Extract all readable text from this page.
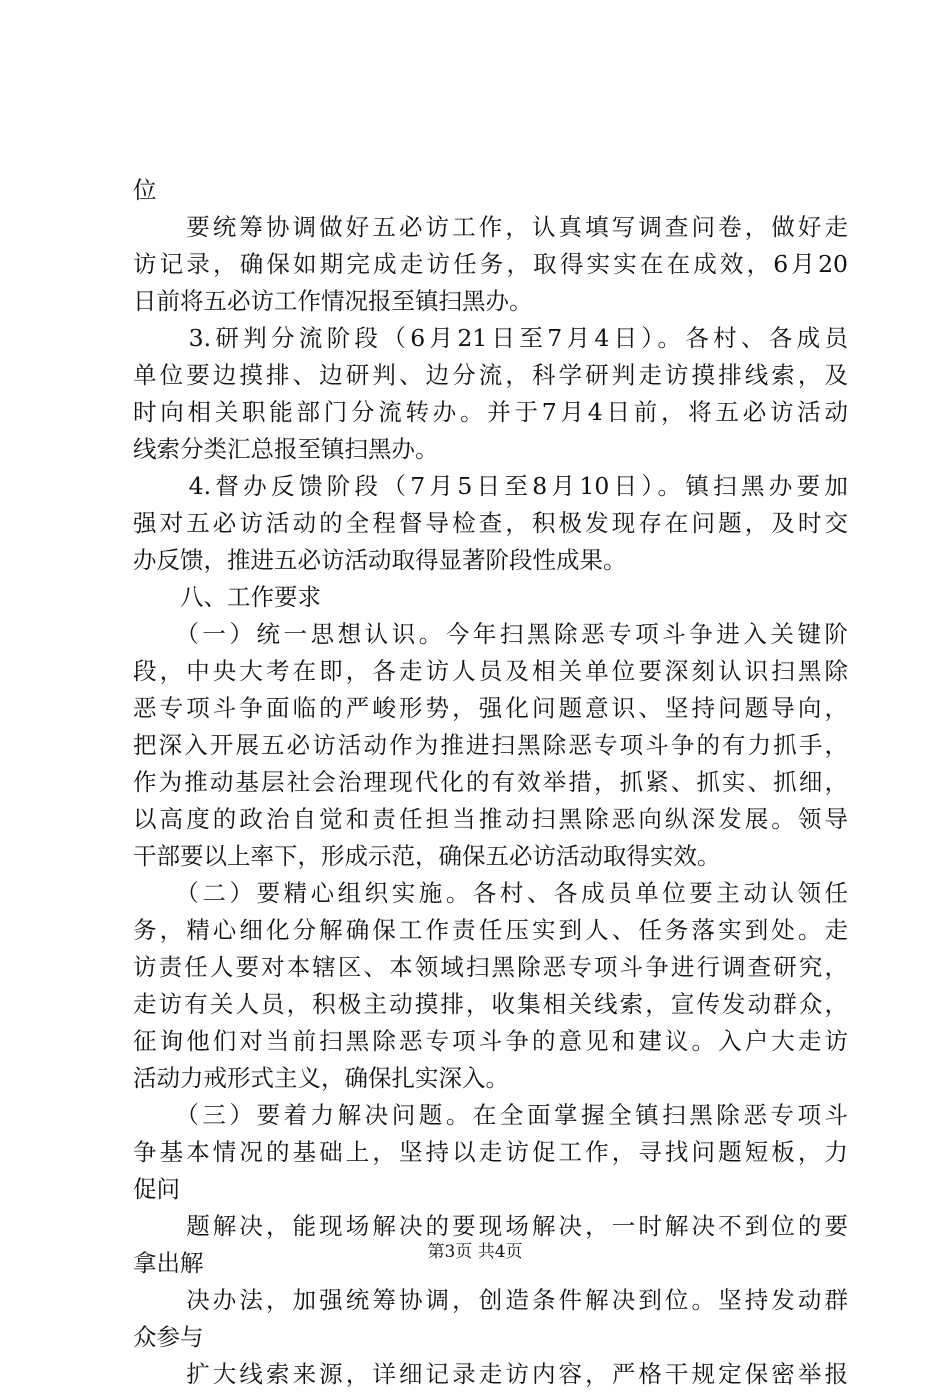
位
　　要统筹协调做好五必访工作，认真填写调查问卷，做好走
访记录，确保如期完成走访任务，取得实实在在成效，6月20
日前将五必访工作情况报至镇扫黑办。
　　3.研判分流阶段（6月21日至7月4日）。各村、各成员
单位要边摸排、边研判、边分流，科学研判走访摸排线索，及
时向相关职能部门分流转办。并于7月4日前，将五必访活动
线索分类汇总报至镇扫黑办。
　　4.督办反馈阶段（7月5日至8月10日）。镇扫黑办要加
强对五必访活动的全程督导检查，积极发现存在问题，及时交
办反馈，推进五必访活动取得显著阶段性成果。
　　八、工作要求
　　（一）统一思想认识。今年扫黑除恶专项斗争进入关键阶
段，中央大考在即，各走访人员及相关单位要深刻认识扫黑除
恶专项斗争面临的严峻形势，强化问题意识、坚持问题导向，
把深入开展五必访活动作为推进扫黑除恶专项斗争的有力抓手，
作为推动基层社会治理现代化的有效举措，抓紧、抓实、抓细，
以高度的政治自觉和责任担当推动扫黑除恶向纵深发展。领导
干部要以上率下，形成示范，确保五必访活动取得实效。
　　（二）要精心组织实施。各村、各成员单位要主动认领任
务，精心细化分解确保工作责任压实到人、任务落实到处。走
访责任人要对本辖区、本领域扫黑除恶专项斗争进行调查研究，
走访有关人员，积极主动摸排，收集相关线索，宣传发动群众，
征询他们对当前扫黑除恶专项斗争的意见和建议。入户大走访
活动力戒形式主义，确保扎实深入。
　　（三）要着力解决问题。在全面掌握全镇扫黑除恶专项斗
争基本情况的基础上，坚持以走访促工作，寻找问题短板，力
促问
　　题解决，能现场解决的要现场解决，一时解决不到位的要
拿出解
　　决办法，加强统筹协调，创造条件解决到位。坚持发动群
众参与
　　扩大线索来源，详细记录走访内容，严格干规定保密举报
第3页 共4页
